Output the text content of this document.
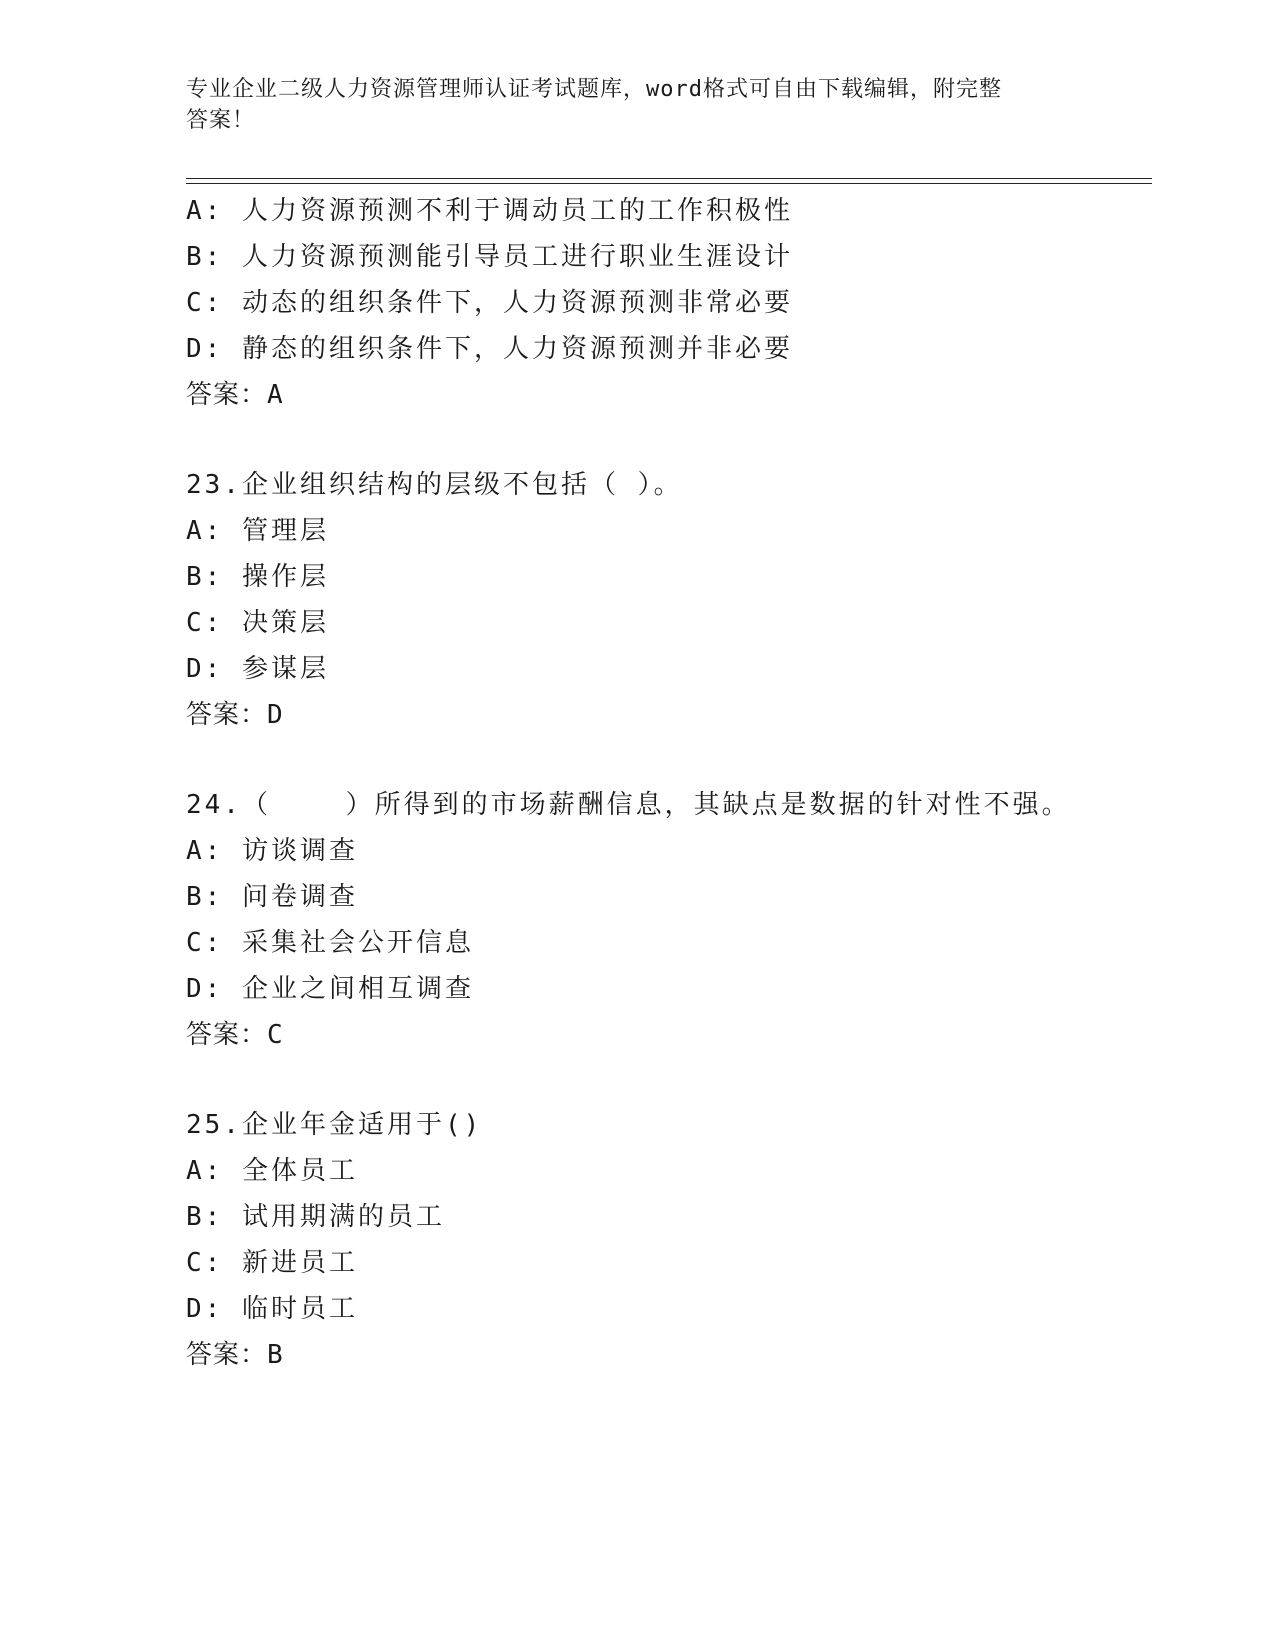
专业企业二级人力资源管理师认证考试题库，word格式可自由下载编辑，附完整
答案！
A: 人力资源预测不利于调动员工的工作积极性
B: 人力资源预测能引导员工进行职业生涯设计
C: 动态的组织条件下，人力资源预测非常必要
D: 静态的组织条件下，人力资源预测并非必要
答案：A
23.企业组织结构的层级不包括（ ）。
A: 管理层
B: 操作层
C: 决策层
D: 参谋层
答案：D
24.（    ）所得到的市场薪酬信息，其缺点是数据的针对性不强。
A: 访谈调查
B: 问卷调查
C: 采集社会公开信息
D: 企业之间相互调查
答案：C
25.企业年金适用于()
A: 全体员工
B: 试用期满的员工
C: 新进员工
D: 临时员工
答案：B
